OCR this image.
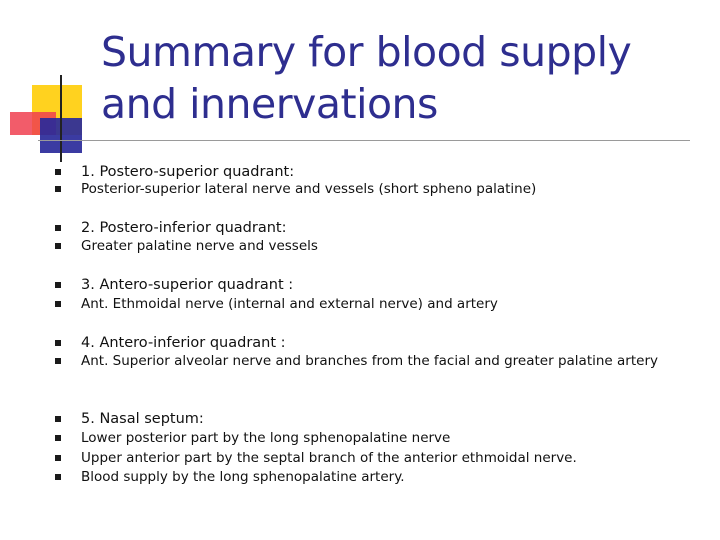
Summary for blood supply and innervations
1. Postero-superior quadrant:
Posterior-superior lateral nerve and vessels (short spheno palatine)
2. Postero-inferior quadrant:
Greater palatine nerve and vessels
3. Antero-superior quadrant :
Ant. Ethmoidal nerve (internal and external nerve) and artery
4. Antero-inferior quadrant :
Ant. Superior alveolar nerve and branches from the facial and greater palatine artery
5. Nasal septum:
Lower posterior part by the long sphenopalatine nerve
Upper anterior part by the septal branch of the anterior ethmoidal nerve.
Blood supply by the long sphenopalatine artery.
